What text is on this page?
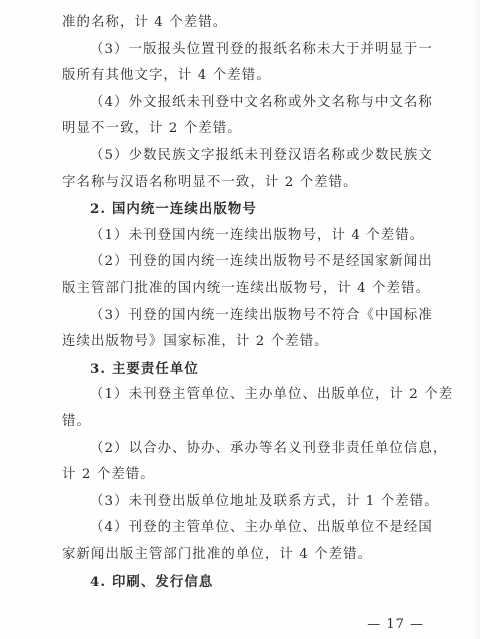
准的名称，计 4 个差错。
（3）一版报头位置刊登的报纸名称未大于并明显于一
版所有其他文字，计 4 个差错。
（4）外文报纸未刊登中文名称或外文名称与中文名称
明显不一致，计 2 个差错。
（5）少数民族文字报纸未刊登汉语名称或少数民族文
字名称与汉语名称明显不一致，计 2 个差错。
2. 国内统一连续出版物号
（1）未刊登国内统一连续出版物号，计 4 个差错。
（2）刊登的国内统一连续出版物号不是经国家新闻出
版主管部门批准的国内统一连续出版物号，计 4 个差错。
（3）刊登的国内统一连续出版物号不符合《中国标准
连续出版物号》国家标准，计 2 个差错。
3. 主要责任单位
（1）未刊登主管单位、主办单位、出版单位，计 2 个差
错。
（2）以合办、协办、承办等名义刊登非责任单位信息，
计 2 个差错。
（3）未刊登出版单位地址及联系方式，计 1 个差错。
（4）刊登的主管单位、主办单位、出版单位不是经国
家新闻出版主管部门批准的单位，计 4 个差错。
4. 印刷、发行信息
— 17 —
